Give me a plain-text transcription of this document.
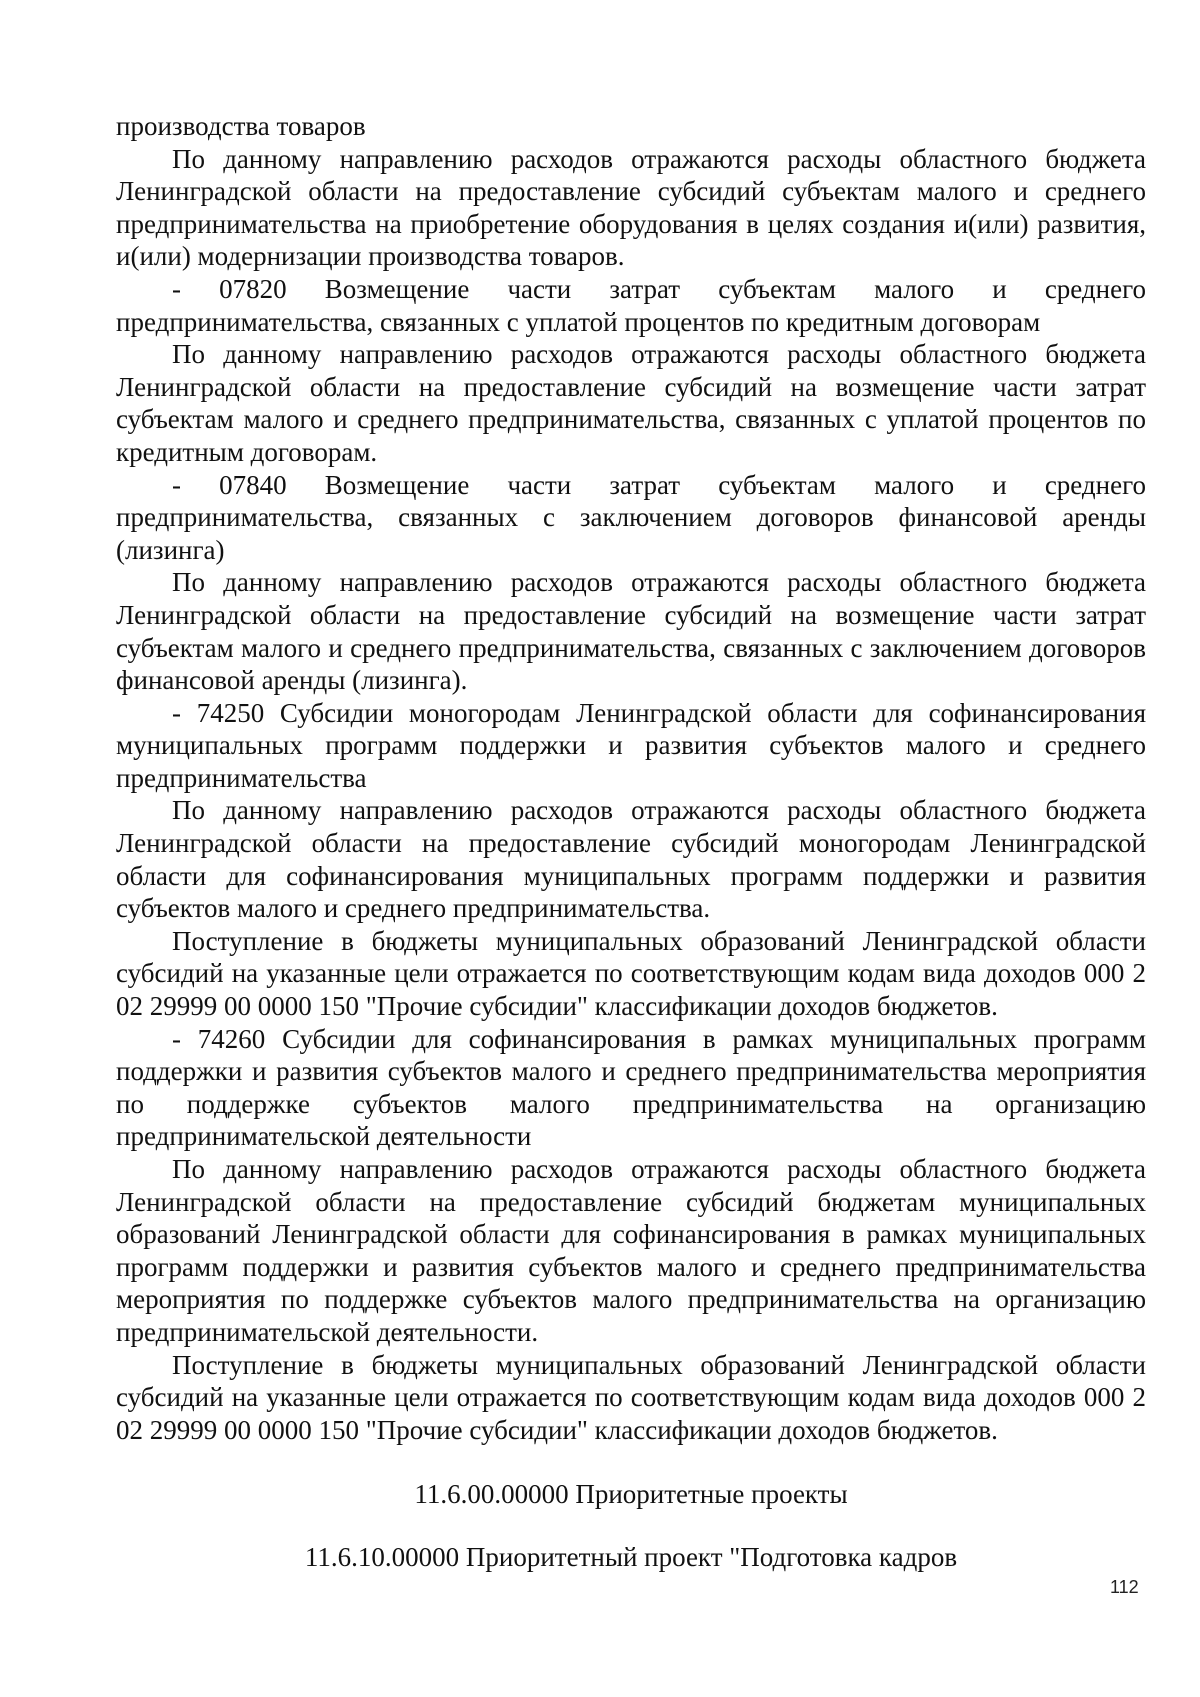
производства товаров

По данному направлению расходов отражаются расходы областного бюджета Ленинградской области на предоставление субсидий субъектам малого и среднего предпринимательства на приобретение оборудования в целях создания и(или) развития, и(или) модернизации производства товаров.

- 07820 Возмещение части затрат субъектам малого и среднего предпринимательства, связанных с уплатой процентов по кредитным договорам

По данному направлению расходов отражаются расходы областного бюджета Ленинградской области на предоставление субсидий на возмещение части затрат субъектам малого и среднего предпринимательства, связанных с уплатой процентов по кредитным договорам.

- 07840 Возмещение части затрат субъектам малого и среднего предпринимательства, связанных с заключением договоров финансовой аренды (лизинга)

По данному направлению расходов отражаются расходы областного бюджета Ленинградской области на предоставление субсидий на возмещение части затрат субъектам малого и среднего предпринимательства, связанных с заключением договоров финансовой аренды (лизинга).

- 74250 Субсидии моногородам Ленинградской области для софинансирования муниципальных программ поддержки и развития субъектов малого и среднего предпринимательства

По данному направлению расходов отражаются расходы областного бюджета Ленинградской области на предоставление субсидий моногородам Ленинградской области для софинансирования муниципальных программ поддержки и развития субъектов малого и среднего предпринимательства.

Поступление в бюджеты муниципальных образований Ленинградской области субсидий на указанные цели отражается по соответствующим кодам вида доходов 000 2 02 29999 00 0000 150 "Прочие субсидии" классификации доходов бюджетов.

- 74260 Субсидии для софинансирования в рамках муниципальных программ поддержки и развития субъектов малого и среднего предпринимательства мероприятия по поддержке субъектов малого предпринимательства на организацию предпринимательской деятельности

По данному направлению расходов отражаются расходы областного бюджета Ленинградской области на предоставление субсидий бюджетам муниципальных образований Ленинградской области для софинансирования в рамках муниципальных программ поддержки и развития субъектов малого и среднего предпринимательства мероприятия по поддержке субъектов малого предпринимательства на организацию предпринимательской деятельности.

Поступление в бюджеты муниципальных образований Ленинградской области субсидий на указанные цели отражается по соответствующим кодам вида доходов 000 2 02 29999 00 0000 150 "Прочие субсидии" классификации доходов бюджетов.

11.6.00.00000 Приоритетные проекты

11.6.10.00000 Приоритетный проект "Подготовка кадров

112
